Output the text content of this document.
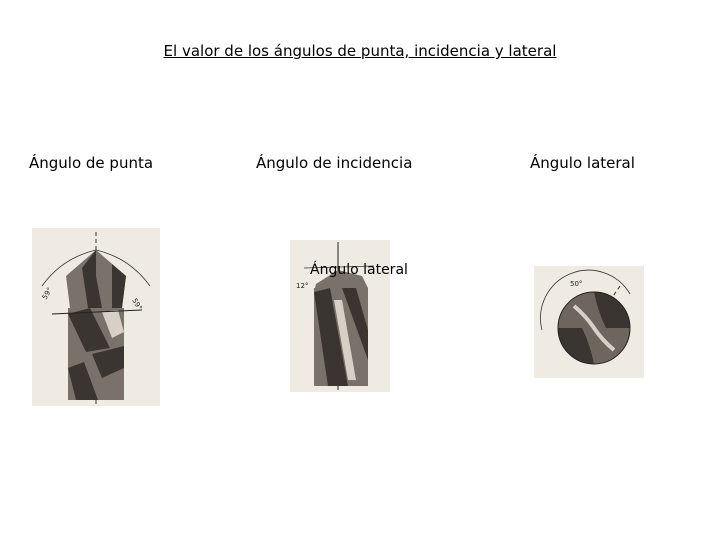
El valor de los ángulos de punta, incidencia y lateral
Ángulo de punta	Ángulo de incidencia	Ángulo lateral
59°
59°
12°
Ángulo lateral
50°
